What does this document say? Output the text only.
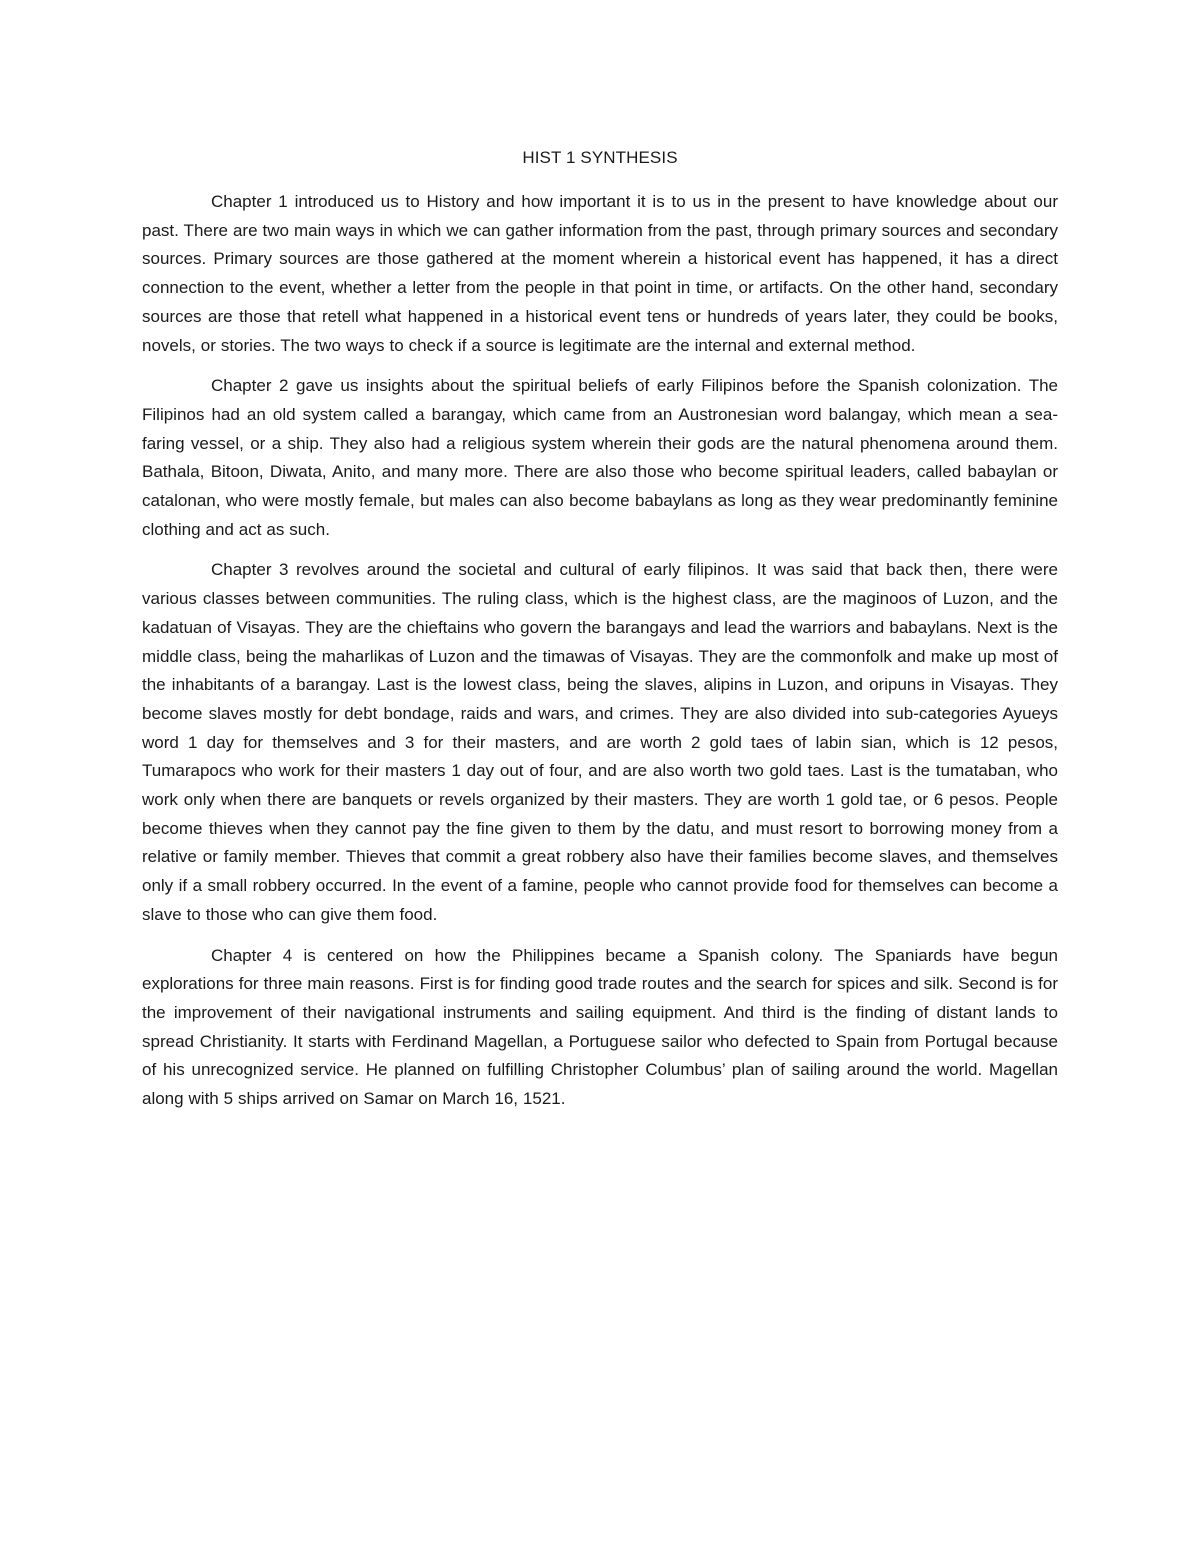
HIST 1 SYNTHESIS

Chapter 1 introduced us to History and how important it is to us in the present to have knowledge about our past. There are two main ways in which we can gather information from the past, through primary sources and secondary sources. Primary sources are those gathered at the moment wherein a historical event has happened, it has a direct connection to the event, whether a letter from the people in that point in time, or artifacts. On the other hand, secondary sources are those that retell what happened in a historical event tens or hundreds of years later, they could be books, novels, or stories. The two ways to check if a source is legitimate are the internal and external method.

Chapter 2 gave us insights about the spiritual beliefs of early Filipinos before the Spanish colonization. The Filipinos had an old system called a barangay, which came from an Austronesian word balangay, which mean a sea-faring vessel, or a ship. They also had a religious system wherein their gods are the natural phenomena around them. Bathala, Bitoon, Diwata, Anito, and many more. There are also those who become spiritual leaders, called babaylan or catalonan, who were mostly female, but males can also become babaylans as long as they wear predominantly feminine clothing and act as such.

Chapter 3 revolves around the societal and cultural of early filipinos. It was said that back then, there were various classes between communities. The ruling class, which is the highest class, are the maginoos of Luzon, and the kadatuan of Visayas. They are the chieftains who govern the barangays and lead the warriors and babaylans. Next is the middle class, being the maharlikas of Luzon and the timawas of Visayas. They are the commonfolk and make up most of the inhabitants of a barangay. Last is the lowest class, being the slaves, alipins in Luzon, and oripuns in Visayas. They become slaves mostly for debt bondage, raids and wars, and crimes. They are also divided into sub-categories Ayueys word 1 day for themselves and 3 for their masters, and are worth 2 gold taes of labin sian, which is 12 pesos, Tumarapocs who work for their masters 1 day out of four, and are also worth two gold taes. Last is the tumataban, who work only when there are banquets or revels organized by their masters. They are worth 1 gold tae, or 6 pesos. People become thieves when they cannot pay the fine given to them by the datu, and must resort to borrowing money from a relative or family member. Thieves that commit a great robbery also have their families become slaves, and themselves only if a small robbery occurred. In the event of a famine, people who cannot provide food for themselves can become a slave to those who can give them food.

Chapter 4 is centered on how the Philippines became a Spanish colony. The Spaniards have begun explorations for three main reasons. First is for finding good trade routes and the search for spices and silk. Second is for the improvement of their navigational instruments and sailing equipment. And third is the finding of distant lands to spread Christianity. It starts with Ferdinand Magellan, a Portuguese sailor who defected to Spain from Portugal because of his unrecognized service. He planned on fulfilling Christopher Columbus’ plan of sailing around the world. Magellan along with 5 ships arrived on Samar on March 16, 1521.
